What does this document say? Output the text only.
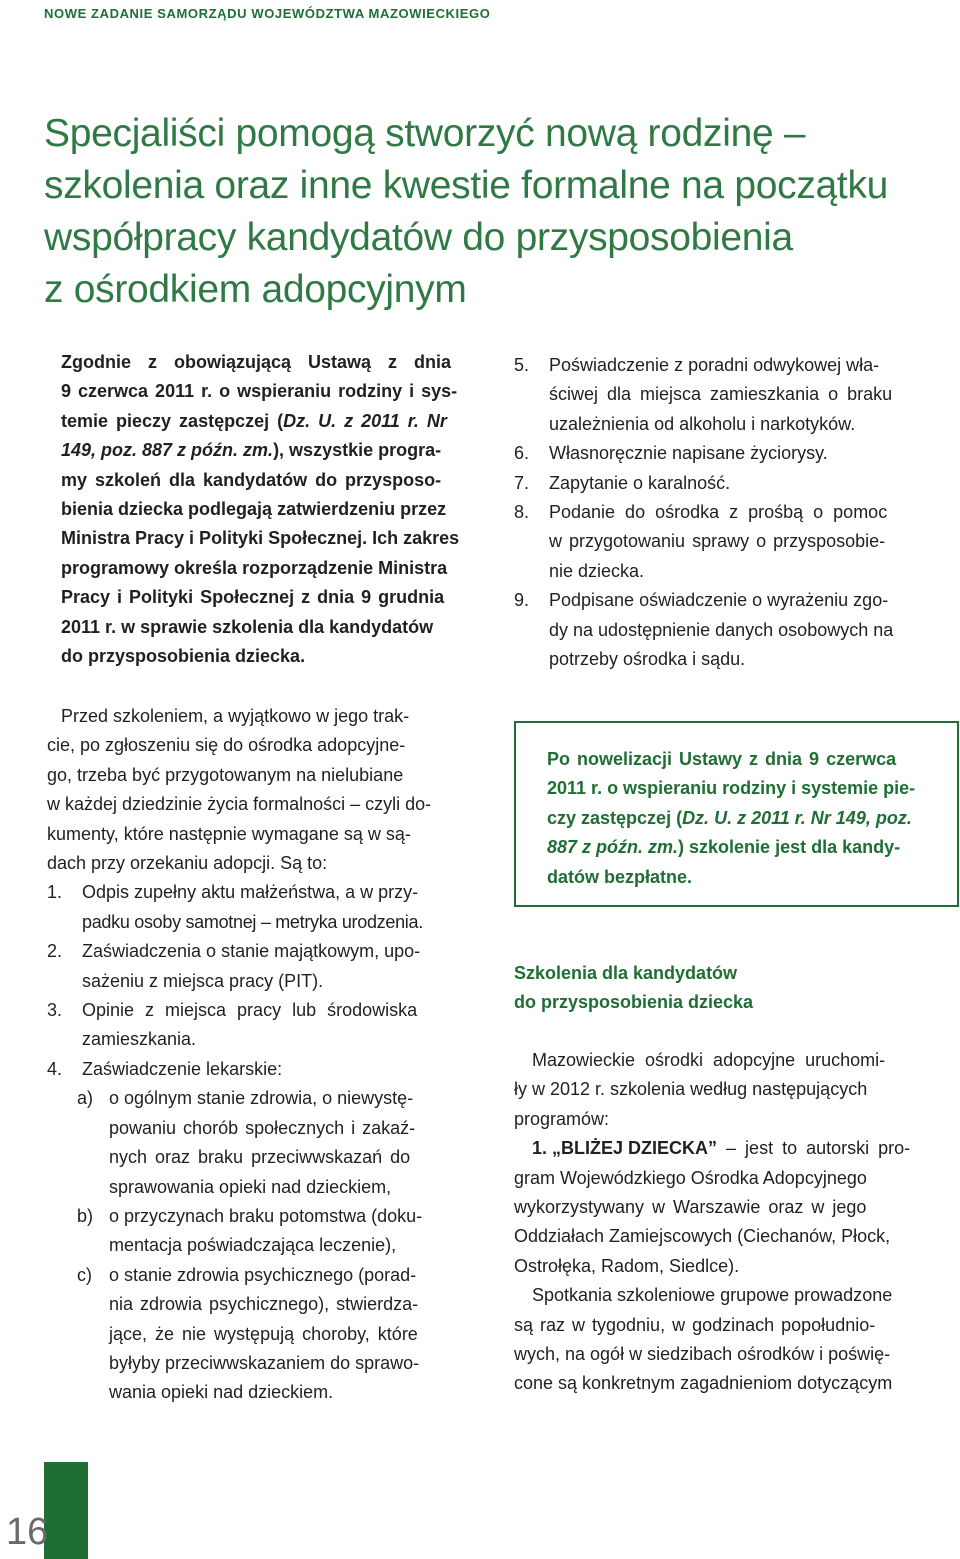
NOWE ZADANIE SAMORZĄDU WOJEWÓDZTWA MAZOWIECKIEGO
Specjaliści pomogą stworzyć nową rodzinę –
szkolenia oraz inne kwestie formalne na początku
współpracy kandydatów do przysposobienia
z ośrodkiem adopcyjnym
Zgodnie z obowiązującą Ustawą z dnia
9 czerwca 2011 r. o wspieraniu rodziny i sys-
temie pieczy zastępczej (Dz. U. z 2011 r. Nr
149, poz. 887 z późn. zm.), wszystkie progra-
my szkoleń dla kandydatów do przysposo-
bienia dziecka podlegają zatwierdzeniu przez
Ministra Pracy i Polityki Społecznej. Ich zakres
programowy określa rozporządzenie Ministra
Pracy i Polityki Społecznej z dnia 9 grudnia
2011 r. w sprawie szkolenia dla kandydatów
do przysposobienia dziecka.
Przed szkoleniem, a wyjątkowo w jego trak-
cie, po zgłoszeniu się do ośrodka adopcyjne-
go, trzeba być przygotowanym na nielubiane
w każdej dziedzinie życia formalności – czyli do-
kumenty, które następnie wymagane są w są-
dach przy orzekaniu adopcji. Są to:
1. Odpis zupełny aktu małżeństwa, a w przy-
padku osoby samotnej – metryka urodzenia.
2. Zaświadczenia o stanie majątkowym, upo-
sażeniu z miejsca pracy (PIT).
3. Opinie z miejsca pracy lub środowiska
zamieszkania.
4. Zaświadczenie lekarskie:
a) o ogólnym stanie zdrowia, o niewystę-
powaniu chorób społecznych i zakaź-
nych oraz braku przeciwwskazań do
sprawowania opieki nad dzieckiem,
b) o przyczynach braku potomstwa (doku-
mentacja poświadczająca leczenie),
c) o stanie zdrowia psychicznego (porad-
nia zdrowia psychicznego), stwierdza-
jące, że nie występują choroby, które
byłyby przeciwwskazaniem do sprawo-
wania opieki nad dzieckiem.
5. Poświadczenie z poradni odwykowej wła-
ściwej dla miejsca zamieszkania o braku
uzależnienia od alkoholu i narkotyków.
6. Własnoręcznie napisane życiorysy.
7. Zapytanie o karalność.
8. Podanie do ośrodka z prośbą o pomoc
w przygotowaniu sprawy o przysposobie-
nie dziecka.
9. Podpisane oświadczenie o wyrażeniu zgo-
dy na udostępnienie danych osobowych na
potrzeby ośrodka i sądu.
Po nowelizacji Ustawy z dnia 9 czerwca
2011 r. o wspieraniu rodziny i systemie pie-
czy zastępczej (Dz. U. z 2011 r. Nr 149, poz.
887 z późn. zm.) szkolenie jest dla kandy-
datów bezpłatne.
Szkolenia dla kandydatów
do przysposobienia dziecka
Mazowieckie ośrodki adopcyjne uruchomi-
ły w 2012 r. szkolenia według następujących
programów:
1. „BLIŻEJ DZIECKA” – jest to autorski pro-
gram Wojewódzkiego Ośrodka Adopcyjnego
wykorzystywany w Warszawie oraz w jego
Oddziałach Zamiejscowych (Ciechanów, Płock,
Ostrołęka, Radom, Siedlce).
Spotkania szkoleniowe grupowe prowadzone
są raz w tygodniu, w godzinach popołudnio-
wych, na ogół w siedzibach ośrodków i poświę-
cone są konkretnym zagadnieniom dotyczącym
16
